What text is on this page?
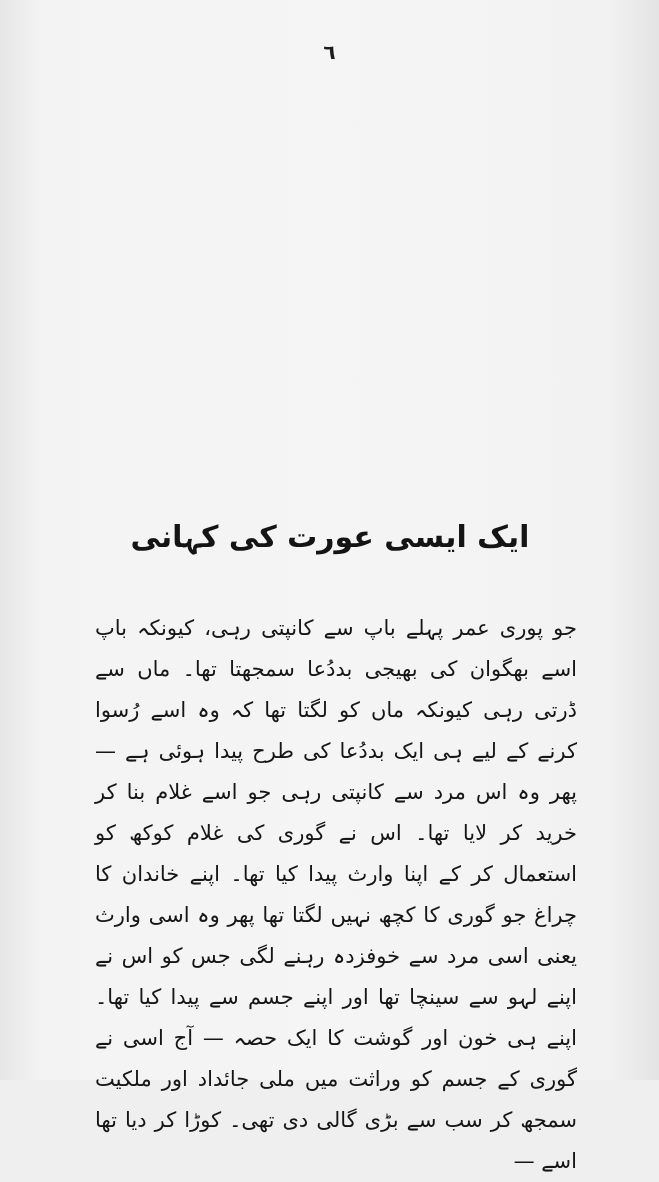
٦
ایک ایسی عورت کی کہانی

جو پوری عمر پہلے باپ سے کانپتی رہی، کیونکہ باپ اسے بھگوان کی بھیجی بددُعا سمجھتا تھا۔ ماں سے ڈرتی رہی کیونکہ ماں کو لگتا تھا کہ وہ اسے رُسوا کرنے کے لیے ہی ایک بددُعا کی طرح پیدا ہوئی ہے — پھر وہ اس مرد سے کانپتی رہی جو اسے غلام بنا کر خرید کر لایا تھا۔ اس نے گوری کی غلام کوکھ کو استعمال کر کے اپنا وارث پیدا کیا تھا۔ اپنے خاندان کا چراغ جو گوری کا کچھ نہیں لگتا تھا پھر وہ اسی وارث یعنی اسی مرد سے خوفزدہ رہنے لگی جس کو اس نے اپنے لہو سے سینچا تھا اور اپنے جسم سے پیدا کیا تھا۔ اپنے ہی خون اور گوشت کا ایک حصہ — آج اسی نے گوری کے جسم کو وراثت میں ملی جائداد اور ملکیت سمجھ کر سب سے بڑی گالی دی تھی۔ کوڑا کر دیا تھا اسے —
